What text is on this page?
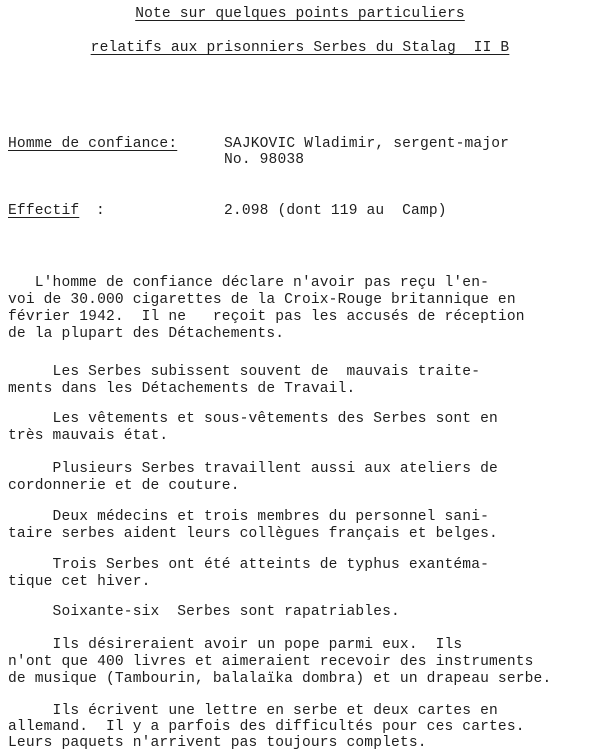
Note sur quelques points particuliers
relatifs aux prisonniers Serbes du Stalag  II B
Homme de confiance:	SAJKOVIC Wladimir, sergent-major
No. 98038
Effectif :	2.098 (dont 119 au  Camp)
L'homme de confiance déclare n'avoir pas reçu l'en-
voi de 30.000 cigarettes de la Croix-Rouge britannique en
février 1942.  Il ne   reçoit pas les accusés de réception
de la plupart des Détachements.
Les Serbes subissent souvent de  mauvais traite-
ments dans les Détachements de Travail.
Les vêtements et sous-vêtements des Serbes sont en
très mauvais état.
Plusieurs Serbes travaillent aussi aux ateliers de
cordonnerie et de couture.
Deux médecins et trois membres du personnel sani-
taire serbes aident leurs collègues français et belges.
Trois Serbes ont été atteints de typhus exantéma-
tique cet hiver.
Soixante-six  Serbes sont rapatriables.
Ils désireraient avoir un pope parmi eux.  Ils
n'ont que 400 livres et aimeraient recevoir des instruments
de musique (Tambourin, balalaïka dombra) et un drapeau serbe.
Ils écrivent une lettre en serbe et deux cartes en
allemand.  Il y a parfois des difficultés pour ces cartes.
Leurs paquets n'arrivent pas toujours complets.
